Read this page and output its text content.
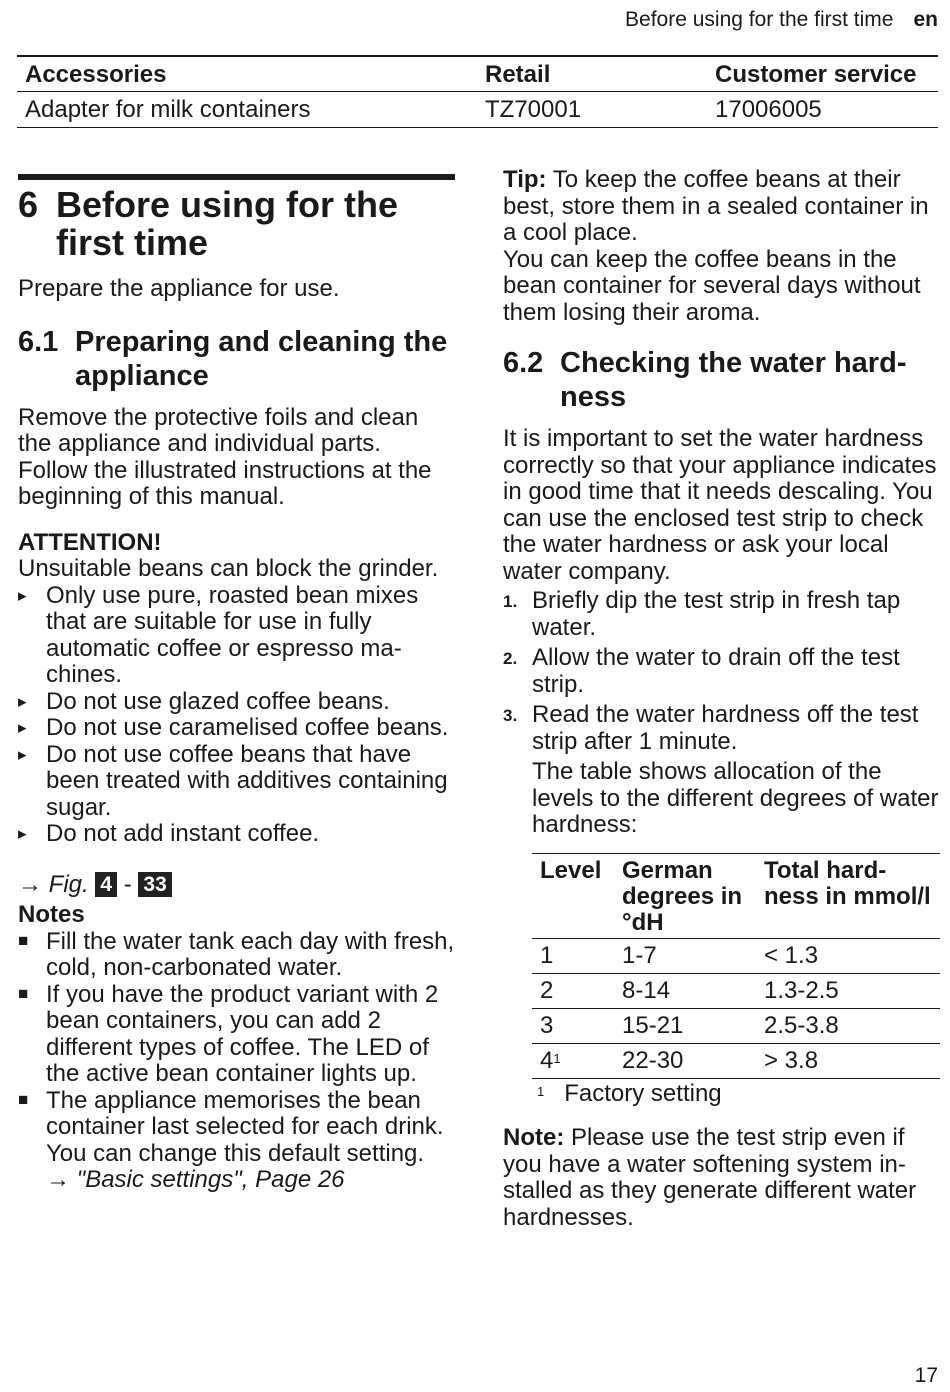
Before using for the first time en
Accessories	Retail	Customer service
Adapter for milk containers	TZ70001	17006005
6 Before using for the first time

Prepare the appliance for use.

6.1 Preparing and cleaning the appliance

Remove the protective foils and clean the appliance and individual parts. Follow the illustrated instructions at the beginning of this manual.

ATTENTION!

Unsuitable beans can block the grinder.

▸ Only use pure, roasted bean mixes that are suitable for use in fully automatic coffee or espresso machines.
▸ Do not use glazed coffee beans.
▸ Do not use caramelised coffee beans.
▸ Do not use coffee beans that have been treated with additives containing sugar.
▸ Do not add instant coffee.
→
Fig.
4
-
33

Notes

■ Fill the water tank each day with fresh, cold, non-carbonated water.
■ If you have the product variant with 2 bean containers, you can add 2 different types of coffee. The LED of the active bean container lights up.
■ The appliance memorises the bean container last selected for each drink. You can change this default setting.
→ "Basic settings", Page 26

Tip: To keep the coffee beans at their best, store them in a sealed container in a cool place.

You can keep the coffee beans in the bean container for several days without them losing their aroma.

6.2 Checking the water hardness

It is important to set the water hardness correctly so that your appliance indicates in good time that it needs descaling. You can use the enclosed test strip to check the water hardness or ask your local water company.

1. Briefly dip the test strip in fresh tap water.
2. Allow the water to drain off the test strip.
3. Read the water hardness off the test strip after 1 minute.

The table shows allocation of the levels to the different degrees of water hardness:

Level	German degrees in °dH	Total hardness in mmol/l
1	1-7	< 1.3
2	8-14	1.3-2.5
3	15-21	2.5-3.8
$4^1$	22-30	> 3.8

$^1$ Factory setting

Note: Please use the test strip even if you have a water softening system installed as they generate different water hardnesses.

17
